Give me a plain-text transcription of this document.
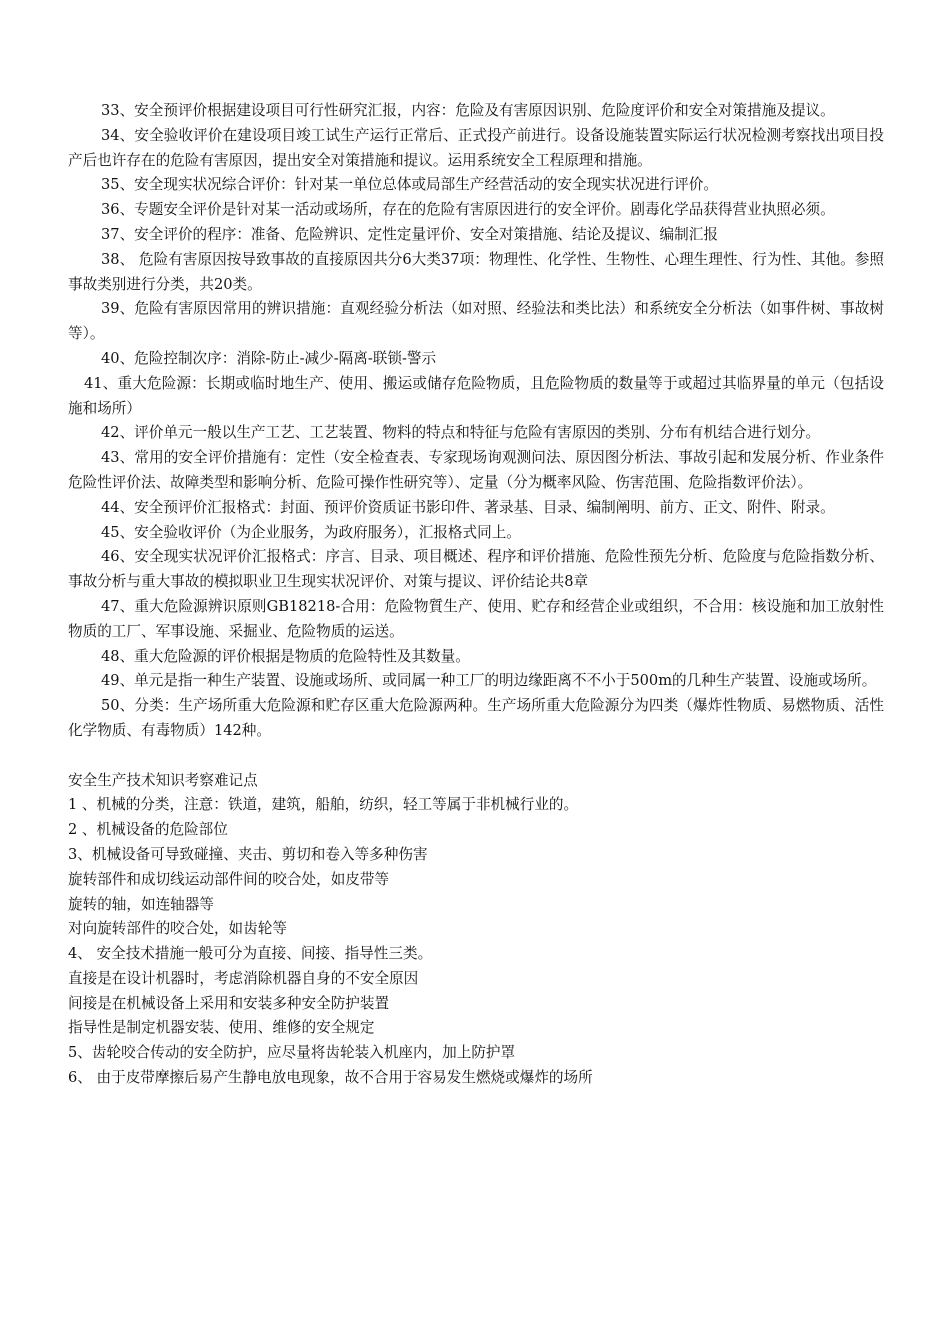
33、安全预评价根据建设项目可行性研究汇报，内容：危险及有害原因识别、危险度评价和安全对策措施及提议。

34、安全验收评价在建设项目竣工试生产运行正常后、正式投产前进行。设备设施装置实际运行状况检测考察找出项目投产后也许存在的危险有害原因，提出安全对策措施和提议。运用系统安全工程原理和措施。

35、安全现实状况综合评价：针对某一单位总体或局部生产经营活动的安全现实状况进行评价。

36、专题安全评价是针对某一活动或场所，存在的危险有害原因进行的安全评价。剧毒化学品获得营业执照必须。

37、安全评价的程序：准备、危险辨识、定性定量评价、安全对策措施、结论及提议、编制汇报

38、 危险有害原因按导致事故的直接原因共分6大类37项：物理性、化学性、生物性、心理生理性、行为性、其他。参照事故类别进行分类，共20类。

39、危险有害原因常用的辨识措施：直观经验分析法（如对照、经验法和类比法）和系统安全分析法（如事件树、事故树等）。

40、危险控制次序：消除-防止-减少-隔离-联锁-警示

41、重大危险源：长期或临时地生产、使用、搬运或储存危险物质，且危险物质的数量等于或超过其临界量的单元（包括设施和场所）

42、评价单元一般以生产工艺、工艺装置、物料的特点和特征与危险有害原因的类别、分布有机结合进行划分。

43、常用的安全评价措施有：定性（安全检查表、专家现场询观测问法、原因图分析法、事故引起和发展分析、作业条件危险性评价法、故障类型和影响分析、危险可操作性研究等）、定量（分为概率风险、伤害范围、危险指数评价法）。

44、安全预评价汇报格式：封面、预评价资质证书影印件、著录基、目录、编制阐明、前方、正文、附件、附录。

45、安全验收评价（为企业服务，为政府服务），汇报格式同上。

46、安全现实状况评价汇报格式：序言、目录、项目概述、程序和评价措施、危险性预先分析、危险度与危险指数分析、事故分析与重大事故的模拟职业卫生现实状况评价、对策与提议、评价结论共8章

47、重大危险源辨识原则GB18218-合用：危险物質生产、使用、贮存和经营企业或组织，不合用：核设施和加工放射性物质的工厂、军事设施、采掘业、危险物质的运送。

48、重大危险源的评价根据是物质的危险特性及其数量。

49、单元是指一种生产装置、设施或场所、或同属一种工厂的明边缘距离不不小于500m的几种生产装置、设施或场所。

50、分类：生产场所重大危险源和贮存区重大危险源两种。生产场所重大危险源分为四类（爆炸性物质、易燃物质、活性化学物质、有毒物质）142种。

安全生产技术知识考察难记点

1 、机械的分类，注意：铁道，建筑，船舶，纺织，轻工等属于非机械行业的。

2 、机械设备的危险部位

3、机械设备可导致碰撞、夹击、剪切和卷入等多种伤害

旋转部件和成切线运动部件间的咬合处，如皮带等

旋转的轴，如连轴器等

对向旋转部件的咬合处，如齿轮等

4、 安全技术措施一般可分为直接、间接、指导性三类。

直接是在设计机器时，考虑消除机器自身的不安全原因

间接是在机械设备上采用和安装多种安全防护装置

指导性是制定机器安装、使用、维修的安全规定

5、齿轮咬合传动的安全防护，应尽量将齿轮装入机座内，加上防护罩

6、 由于皮带摩擦后易产生静电放电现象，故不合用于容易发生燃烧或爆炸的场所
